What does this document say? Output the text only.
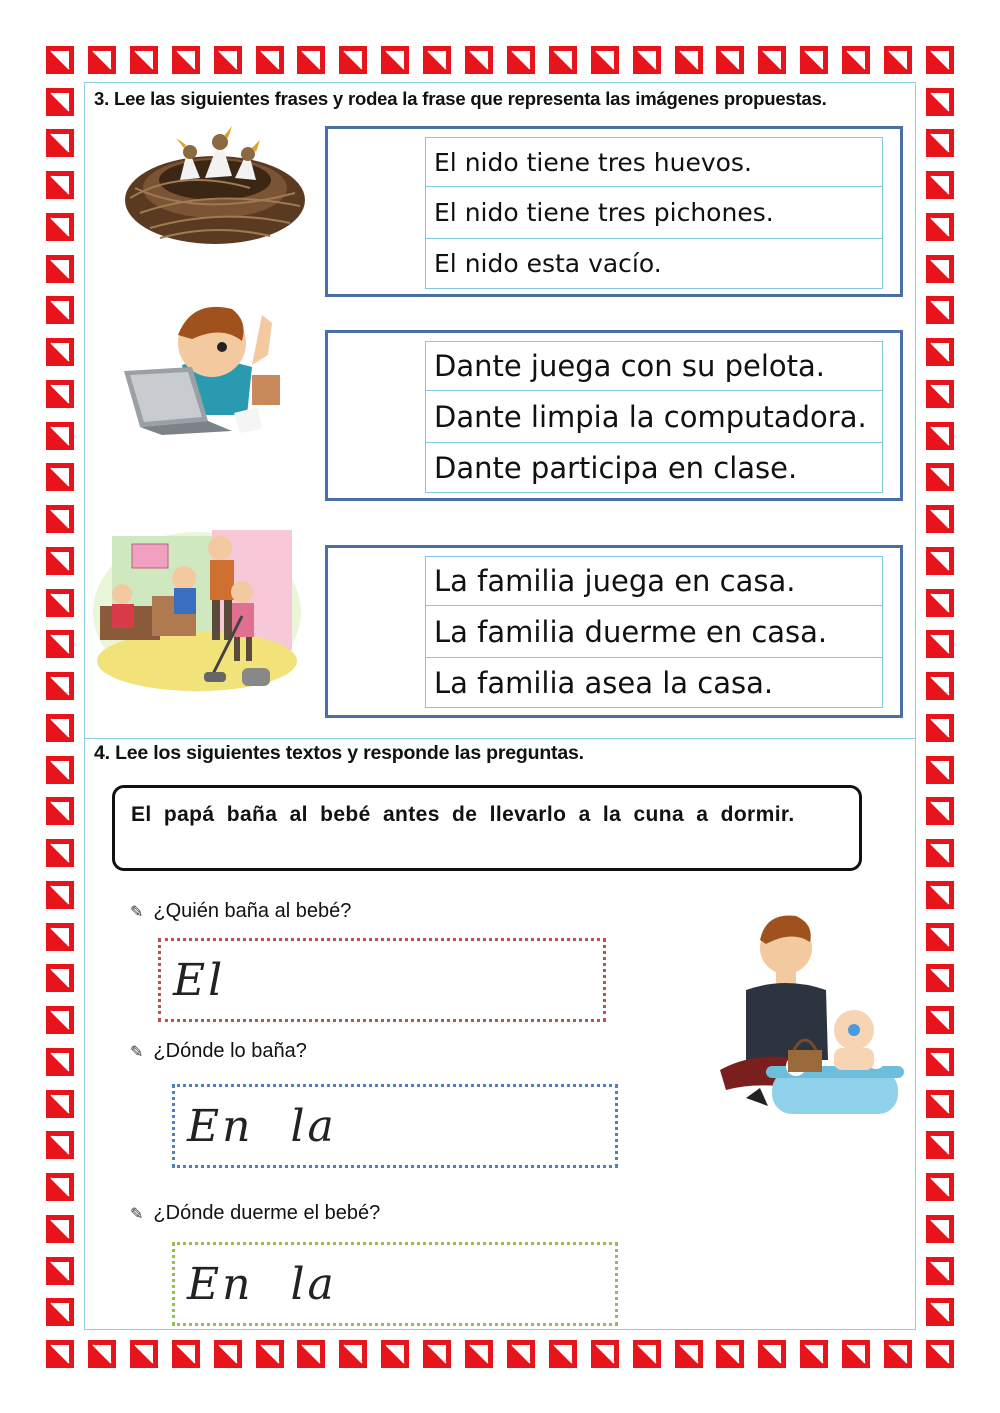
3. Lee las siguientes frases y rodea la frase que representa las imágenes propuestas.
El nido tiene tres huevos.
El nido tiene tres pichones.
El nido esta vacío.
Dante juega con su pelota.
Dante limpia la computadora.
Dante participa en clase.
La familia juega en casa.
La familia duerme en casa.
La familia asea la casa.
4. Lee los siguientes textos y responde las preguntas.
El papá baña al bebé antes de llevarlo a la cuna a dormir.
✎ ¿Quién baña al bebé?
El
✎ ¿Dónde lo baña?
En la
✎ ¿Dónde duerme el bebé?
En la
